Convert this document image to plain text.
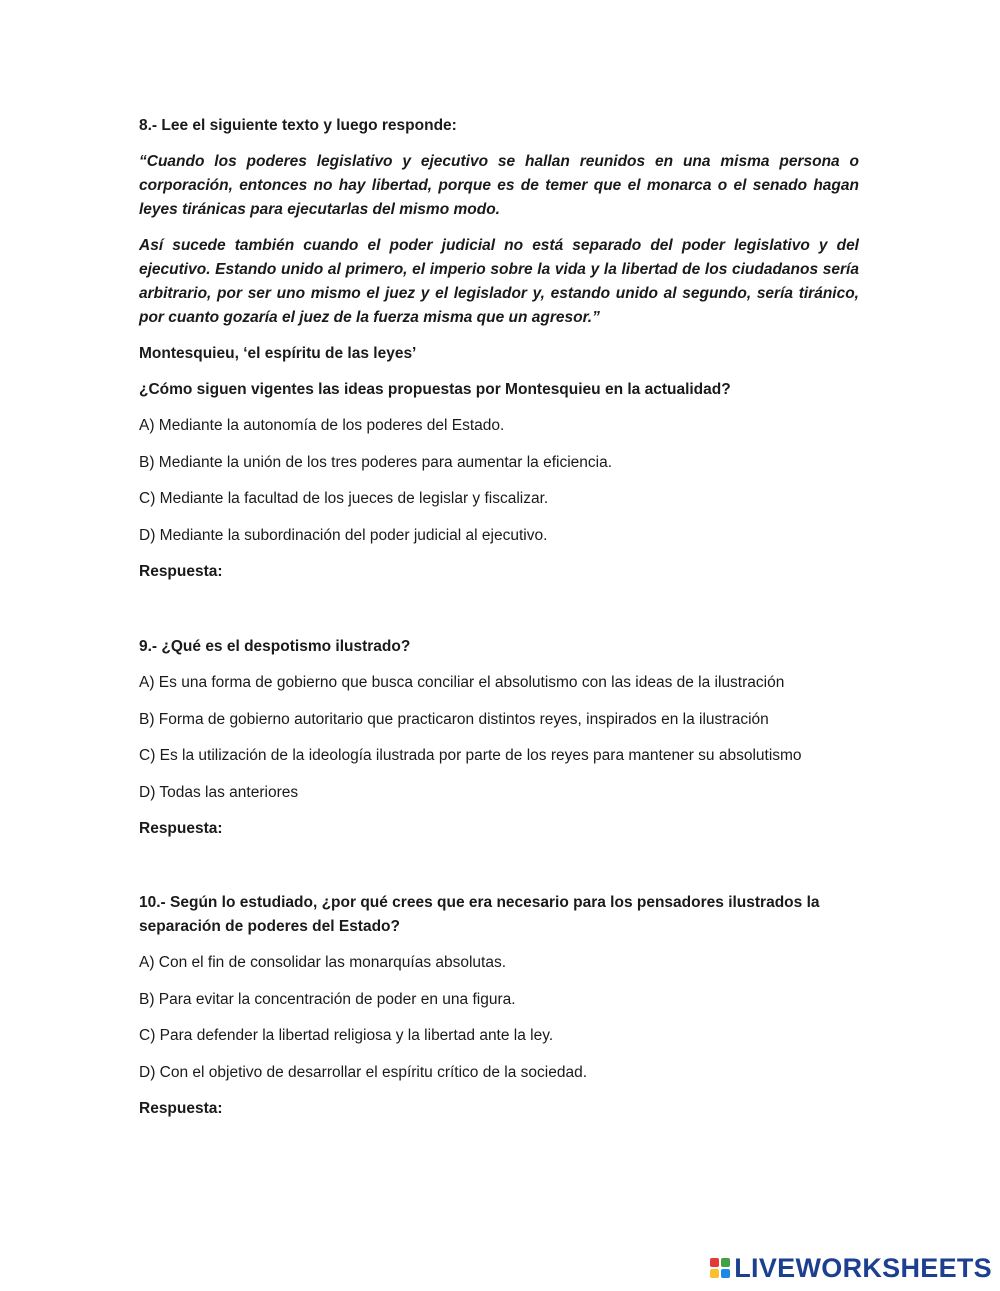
8.- Lee el siguiente texto y luego responde:

“Cuando los poderes legislativo y ejecutivo se hallan reunidos en una misma persona o corporación, entonces no hay libertad, porque es de temer que el monarca o el senado hagan leyes tiránicas para ejecutarlas del mismo modo.

Así sucede también cuando el poder judicial no está separado del poder legislativo y del ejecutivo. Estando unido al primero, el imperio sobre la vida y la libertad de los ciudadanos sería arbitrario, por ser uno mismo el juez y el legislador y, estando unido al segundo, sería tiránico, por cuanto gozaría el juez de la fuerza misma que un agresor.”

Montesquieu, ‘el espíritu de las leyes’

¿Cómo siguen vigentes las ideas propuestas por Montesquieu en la actualidad?

A) Mediante la autonomía de los poderes del Estado.

B) Mediante la unión de los tres poderes para aumentar la eficiencia.

C) Mediante la facultad de los jueces de legislar y fiscalizar.

D) Mediante la subordinación del poder judicial al ejecutivo.

Respuesta:

9.- ¿Qué es el despotismo ilustrado?

A) Es una forma de gobierno que busca conciliar el absolutismo con las ideas de la ilustración

B) Forma de gobierno autoritario que practicaron distintos reyes, inspirados en la ilustración

C) Es la utilización de la ideología ilustrada por parte de los reyes para mantener su absolutismo

D) Todas las anteriores

Respuesta:

10.- Según lo estudiado, ¿por qué crees que era necesario para los pensadores ilustrados la separación de poderes del Estado?

A) Con el fin de consolidar las monarquías absolutas.

B) Para evitar la concentración de poder en una figura.

C) Para defender la libertad religiosa y la libertad ante la ley.

D) Con el objetivo de desarrollar el espíritu crítico de la sociedad.

Respuesta:

LIVEWORKSHEETS
